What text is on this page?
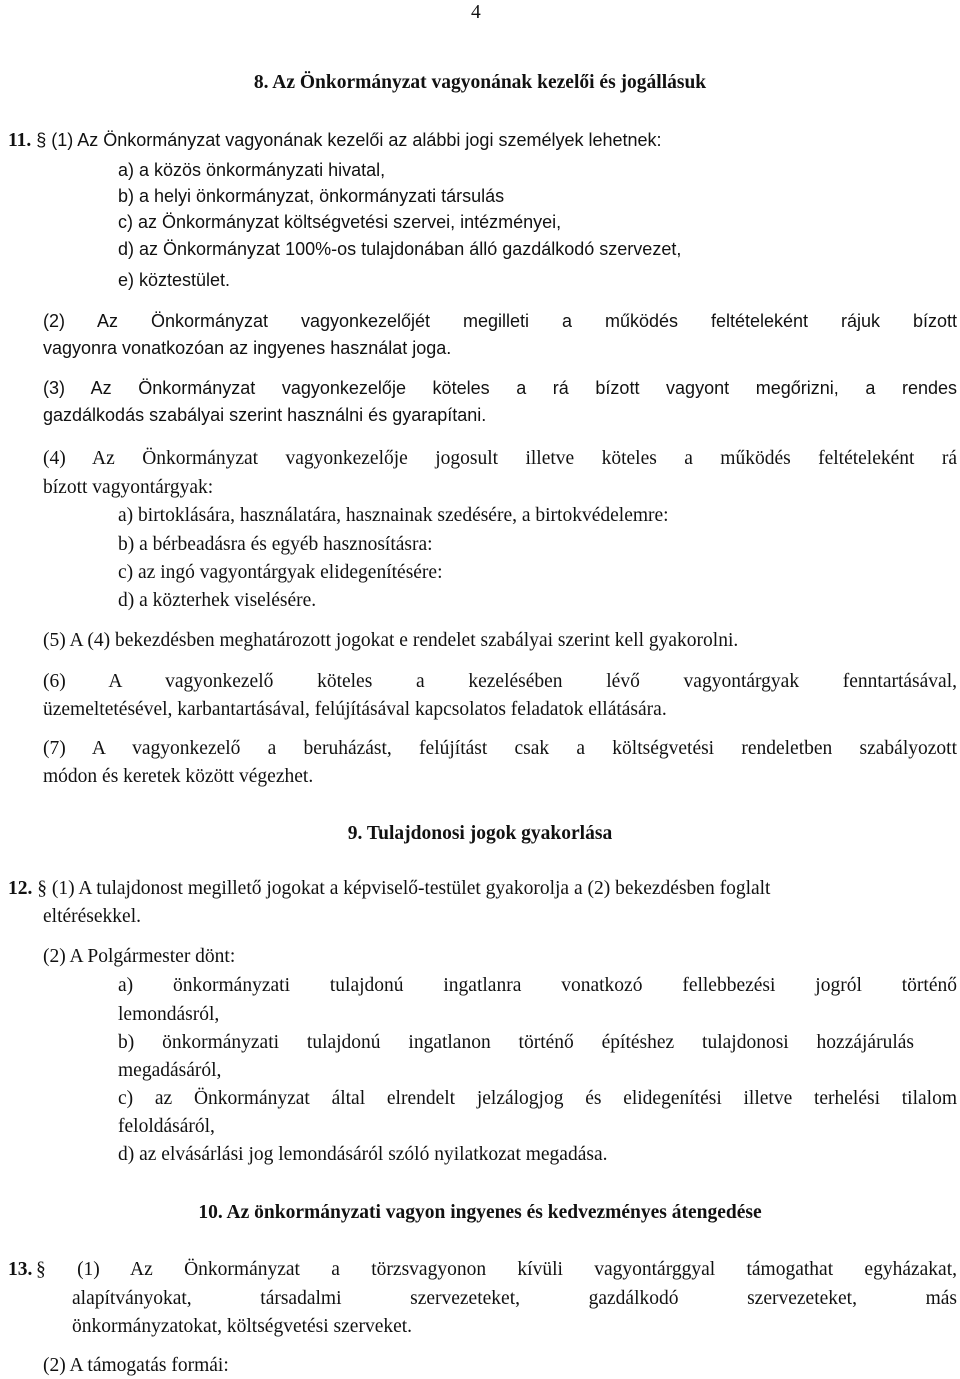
4
8. Az Önkormányzat vagyonának kezelői és jogállásuk
11. § (1) Az Önkormányzat vagyonának kezelői az alábbi jogi személyek lehetnek:
a) a közös önkormányzati hivatal,
b) a helyi önkormányzat, önkormányzati társulás
c) az Önkormányzat költségvetési szervei, intézményei,
d) az Önkormányzat 100%-os tulajdonában álló gazdálkodó szervezet,
e) köztestület.
(2) Az Önkormányzat vagyonkezelőjét megilleti a működés feltételeként rájuk bízott
vagyonra vonatkozóan az ingyenes használat joga.
(3) Az Önkormányzat vagyonkezelője köteles a rá bízott vagyont megőrizni, a rendes
gazdálkodás szabályai szerint használni és gyarapítani.
(4) Az Önkormányzat vagyonkezelője jogosult illetve köteles a működés feltételeként rá
bízott vagyontárgyak:
a) birtoklására, használatára, hasznainak szedésére, a birtokvédelemre:
b) a bérbeadásra és egyéb hasznosításra:
c) az ingó vagyontárgyak elidegenítésére:
d) a közterhek viselésére.
(5) A (4) bekezdésben meghatározott jogokat e rendelet szabályai szerint kell gyakorolni.
(6) A vagyonkezelő köteles a kezelésében lévő vagyontárgyak fenntartásával,
üzemeltetésével, karbantartásával, felújításával kapcsolatos feladatok ellátására.
(7) A vagyonkezelő a beruházást, felújítást csak a költségvetési rendeletben szabályozott
módon és keretek között végezhet.
9. Tulajdonosi jogok gyakorlása
12. § (1) A tulajdonost megillető jogokat a képviselő-testület gyakorolja a (2) bekezdésben foglalt
eltérésekkel.
(2) A Polgármester dönt:
a) önkormányzati tulajdonú ingatlanra vonatkozó fellebbezési jogról történő
lemondásról,
b) önkormányzati tulajdonú ingatlanon történő építéshez tulajdonosi hozzájárulás
megadásáról,
c) az Önkormányzat által elrendelt jelzálogjog és elidegenítési illetve terhelési tilalom
feloldásáról,
d) az elvásárlási jog lemondásáról szóló nyilatkozat megadása.
10. Az önkormányzati vagyon ingyenes és kedvezményes átengedése
13. § (1) Az Önkormányzat a törzsvagyonon kívüli vagyontárggyal támogathat egyházakat,
alapítványokat, társadalmi szervezeteket, gazdálkodó szervezeteket, más
önkormányzatokat, költségvetési szerveket.
(2) A támogatás formái:
